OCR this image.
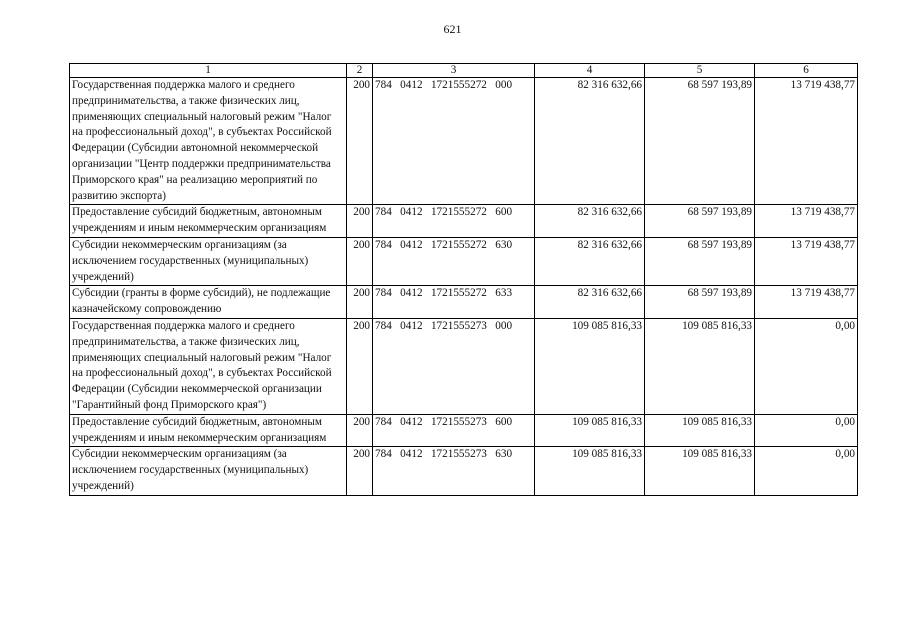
621
1	2	3	4	5	6
Государственная поддержка малого и среднего предпринимательства, а также физических лиц, применяющих специальный налоговый режим "Налог на профессиональный доход", в субъектах Российской Федерации (Субсидии автономной некоммерческой организации "Центр поддержки предпринимательства Приморского края" на реализацию мероприятий по развитию экспорта)	200	784   0412   1721555272   000	82 316 632,66	68 597 193,89	13 719 438,77
Предоставление субсидий бюджетным, автономным учреждениям и иным некоммерческим организациям	200	784   0412   1721555272   600	82 316 632,66	68 597 193,89	13 719 438,77
Субсидии некоммерческим организациям (за исключением государственных (муниципальных) учреждений)	200	784   0412   1721555272   630	82 316 632,66	68 597 193,89	13 719 438,77
Субсидии (гранты в форме субсидий), не подлежащие казначейскому сопровождению	200	784   0412   1721555272   633	82 316 632,66	68 597 193,89	13 719 438,77
Государственная поддержка малого и среднего предпринимательства, а также физических лиц, применяющих специальный налоговый режим "Налог на профессиональный доход", в субъектах Российской Федерации (Субсидии некоммерческой организации "Гарантийный фонд Приморского края")	200	784   0412   1721555273   000	109 085 816,33	109 085 816,33	0,00
Предоставление субсидий бюджетным, автономным учреждениям и иным некоммерческим организациям	200	784   0412   1721555273   600	109 085 816,33	109 085 816,33	0,00
Субсидии некоммерческим организациям (за исключением государственных (муниципальных) учреждений)	200	784   0412   1721555273   630	109 085 816,33	109 085 816,33	0,00
